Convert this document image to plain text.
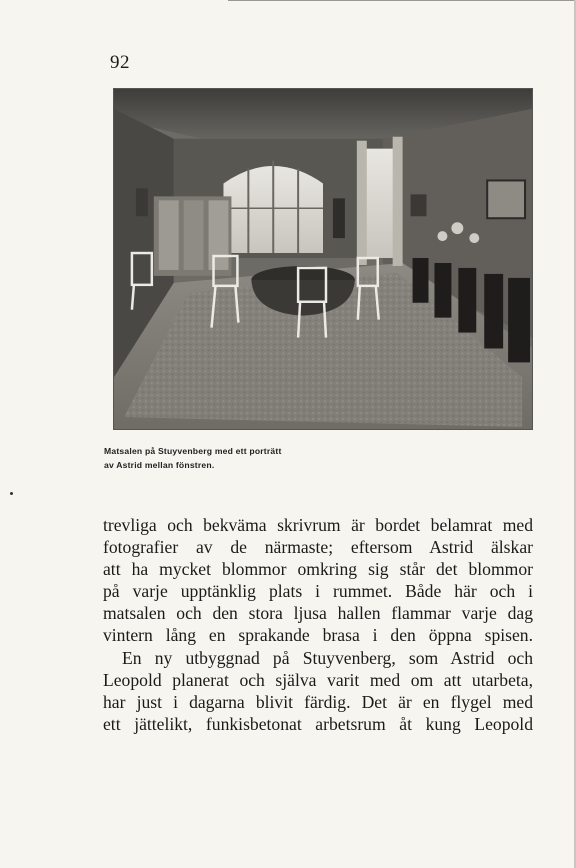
92
Matsalen på Stuyvenberg med ett porträtt
av Astrid mellan fönstren.
trevliga och bekväma skrivrum är bordet belamrat med
fotografier av de närmaste; eftersom Astrid älskar
att ha mycket blommor omkring sig står det blommor
på varje upptänklig plats i rummet. Både här och i
matsalen och den stora ljusa hallen flammar varje dag
vintern lång en sprakande brasa i den öppna spisen.
En ny utbyggnad på Stuyvenberg, som Astrid och
Leopold planerat och själva varit med om att utarbeta,
har just i dagarna blivit färdig. Det är en flygel med
ett jättelikt, funkisbetonat arbetsrum åt kung Leopold
